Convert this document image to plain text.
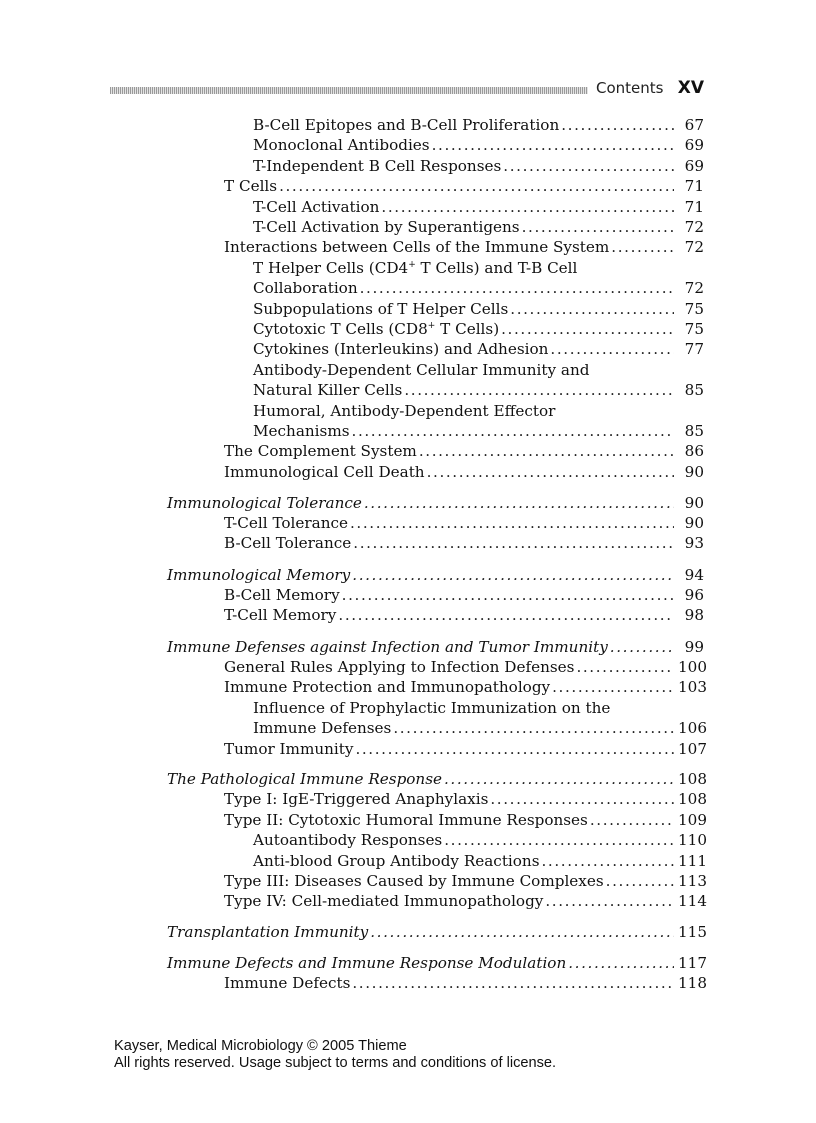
Contents XV
B-Cell Epitopes and B-Cell Proliferation .....	67
Monoclonal Antibodies .....	69
T-Independent B Cell Responses .....	69
T Cells .....	71
T-Cell Activation .....	71
T-Cell Activation by Superantigens .....	72
Interactions between Cells of the Immune System .....	72
T Helper Cells (CD4+ T Cells) and T-B Cell
Collaboration .....	72
Subpopulations of T Helper Cells .....	75
Cytotoxic T Cells (CD8+ T Cells) .....	75
Cytokines (Interleukins) and Adhesion .....	77
Antibody-Dependent Cellular Immunity and
Natural Killer Cells .....	85
Humoral, Antibody-Dependent Effector
Mechanisms .....	85
The Complement System .....	86
Immunological Cell Death .....	90
Immunological Tolerance .....	90
T-Cell Tolerance .....	90
B-Cell Tolerance .....	93
Immunological Memory .....	94
B-Cell Memory .....	96
T-Cell Memory .....	98
Immune Defenses against Infection and Tumor Immunity .....	99
General Rules Applying to Infection Defenses .....	100
Immune Protection and Immunopathology .....	103
Influence of Prophylactic Immunization on the
Immune Defenses .....	106
Tumor Immunity .....	107
The Pathological Immune Response .....	108
Type I: IgE-Triggered Anaphylaxis .....	108
Type II: Cytotoxic Humoral Immune Responses .....	109
Autoantibody Responses .....	110
Anti-blood Group Antibody Reactions .....	111
Type III: Diseases Caused by Immune Complexes .....	113
Type IV: Cell-mediated Immunopathology .....	114
Transplantation Immunity .....	115
Immune Defects and Immune Response Modulation .....	117
Immune Defects .....	118
Kayser, Medical Microbiology © 2005 Thieme
All rights reserved. Usage subject to terms and conditions of license.
